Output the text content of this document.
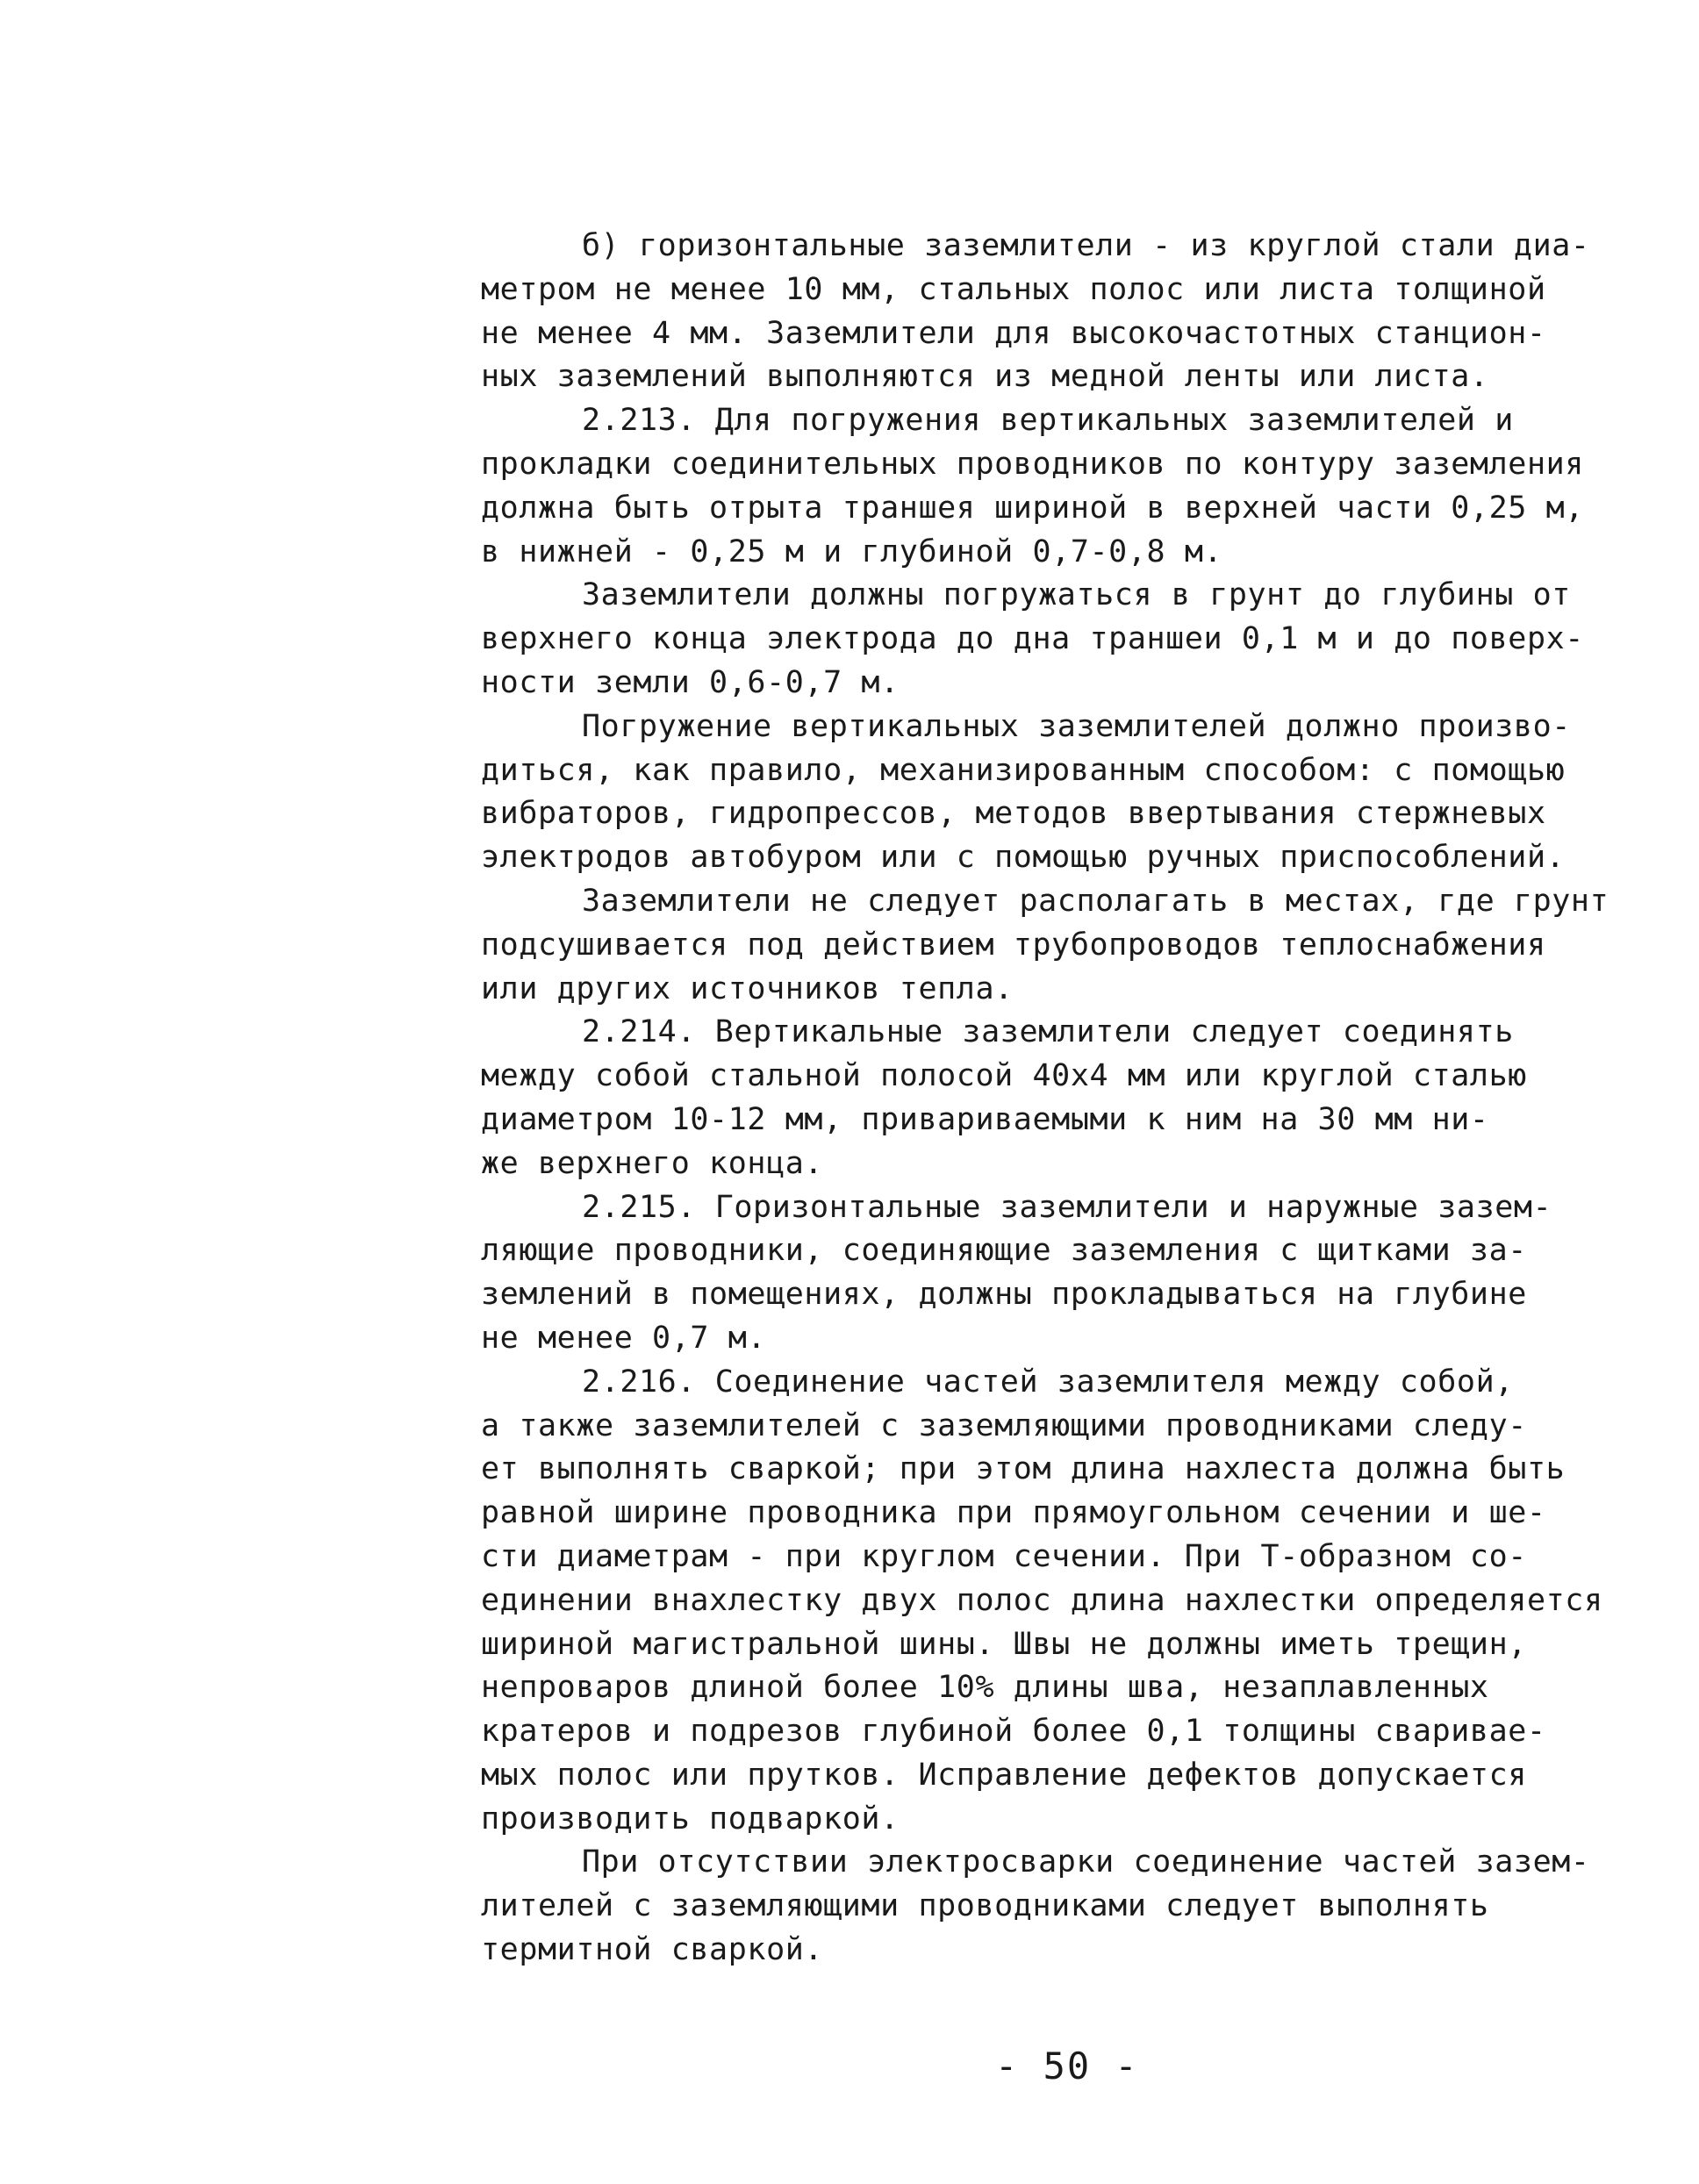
б) горизонтальные заземлители - из круглой стали диа-
метром не менее 10 мм, стальных полос или листа толщиной
не менее 4 мм. Заземлители для высокочастотных станцион-
ных заземлений выполняются из медной ленты или листа.
2.213. Для погружения вертикальных заземлителей и
прокладки соединительных проводников по контуру заземления
должна быть отрыта траншея шириной в верхней части 0,25 м,
в нижней - 0,25 м и глубиной 0,7-0,8 м.
Заземлители должны погружаться в грунт до глубины от
верхнего конца электрода до дна траншеи 0,1 м и до поверх-
ности земли 0,6-0,7 м.
Погружение вертикальных заземлителей должно произво-
диться, как правило, механизированным способом: с помощью
вибраторов, гидропрессов, методов ввертывания стержневых
электродов автобуром или с помощью ручных приспособлений.
Заземлители не следует располагать в местах, где грунт
подсушивается под действием трубопроводов теплоснабжения
или других источников тепла.
2.214. Вертикальные заземлители следует соединять
между собой стальной полосой 40х4 мм или круглой сталью
диаметром 10-12 мм, привариваемыми к ним на 30 мм ни-
же верхнего конца.
2.215. Горизонтальные заземлители и наружные зазем-
ляющие проводники, соединяющие заземления с щитками за-
землений в помещениях, должны прокладываться на глубине
не менее 0,7 м.
2.216. Соединение частей заземлителя между собой,
а также заземлителей с заземляющими проводниками следу-
ет выполнять сваркой; при этом длина нахлеста должна быть
равной ширине проводника при прямоугольном сечении и ше-
сти диаметрам - при круглом сечении. При Т-образном со-
единении внахлестку двух полос длина нахлестки определяется
шириной магистральной шины. Швы не должны иметь трещин,
непроваров длиной более 10% длины шва, незаплавленных
кратеров и подрезов глубиной более 0,1 толщины сваривае-
мых полос или прутков. Исправление дефектов допускается
производить подваркой.
При отсутствии электросварки соединение частей зазем-
лителей с заземляющими проводниками следует выполнять
термитной сваркой.
- 50 -
